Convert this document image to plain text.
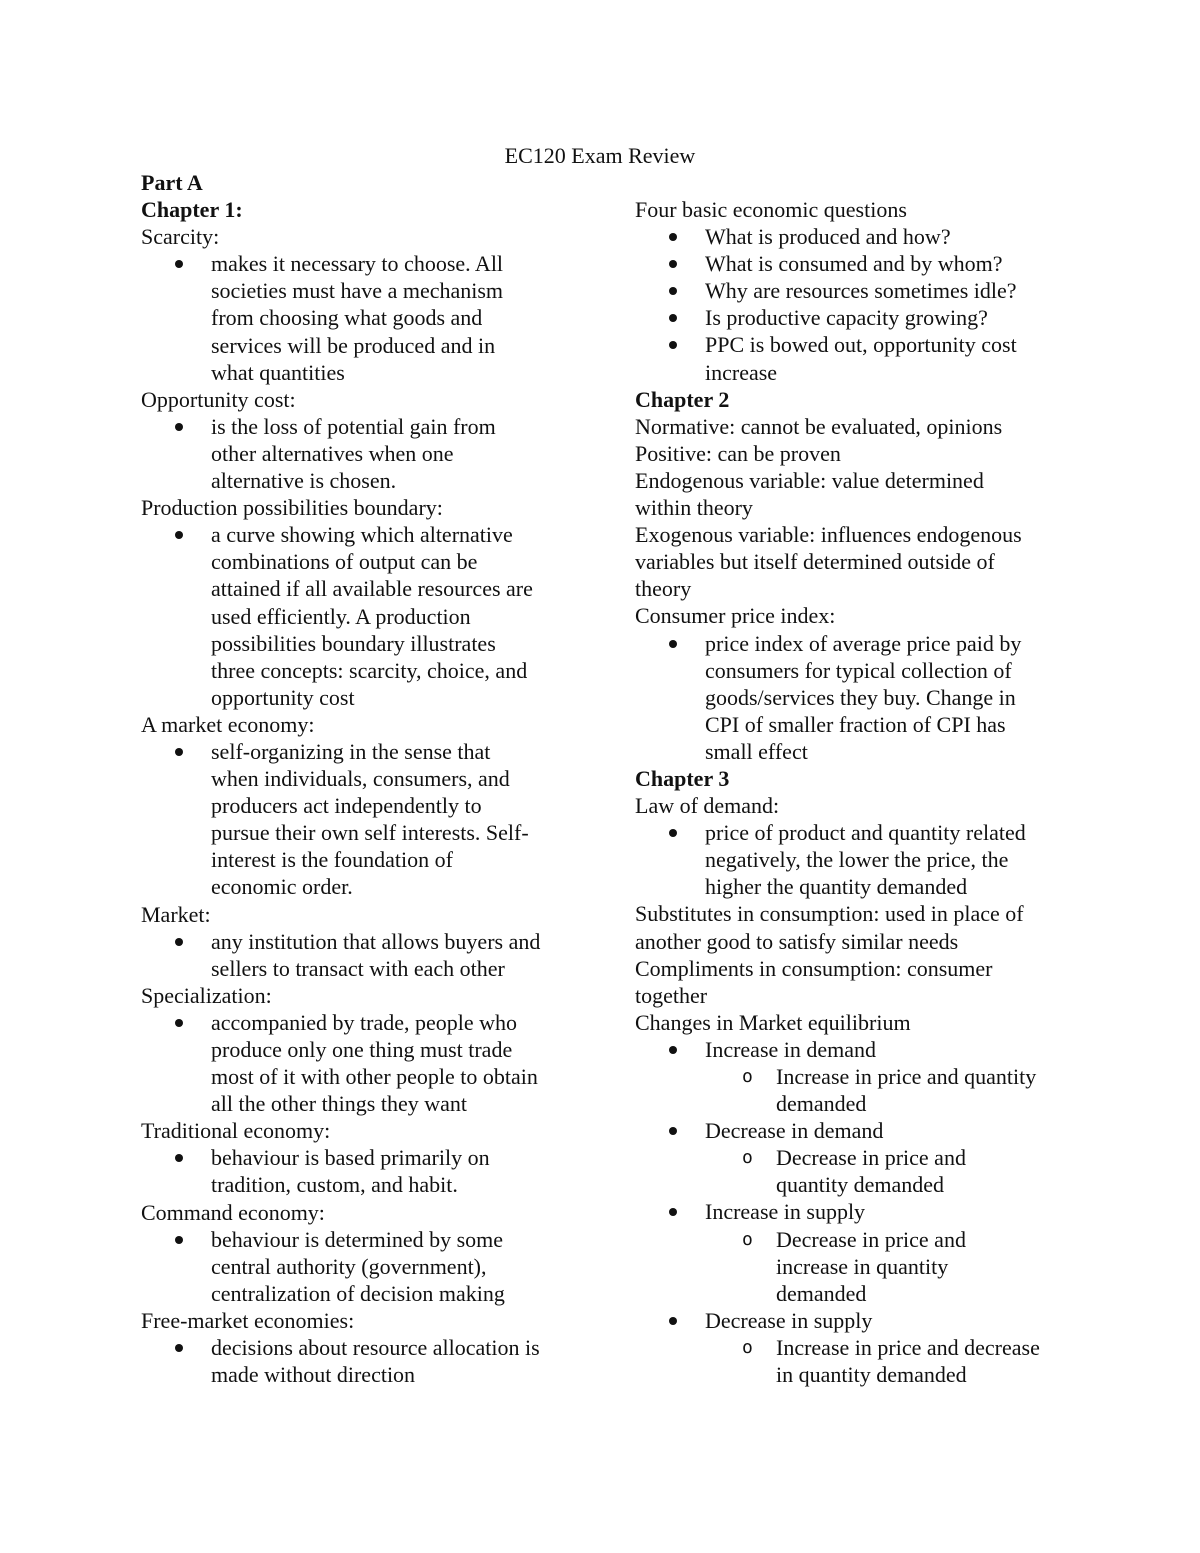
EC120 Exam Review
Part A
Chapter 1:
Scarcity:
makes it necessary to choose. All
societies must have a mechanism
from choosing what goods and
services will be produced and in
what quantities
Opportunity cost:
is the loss of potential gain from
other alternatives when one
alternative is chosen.
Production possibilities boundary:
a curve showing which alternative
combinations of output can be
attained if all available resources are
used efficiently. A production
possibilities boundary illustrates
three concepts: scarcity, choice, and
opportunity cost
A market economy:
self-organizing in the sense that
when individuals, consumers, and
producers act independently to
pursue their own self interests. Self-
interest is the foundation of
economic order.
Market:
any institution that allows buyers and
sellers to transact with each other
Specialization:
accompanied by trade, people who
produce only one thing must trade
most of it with other people to obtain
all the other things they want
Traditional economy:
behaviour is based primarily on
tradition, custom, and habit.
Command economy:
behaviour is determined by some
central authority (government),
centralization of decision making
Free-market economies:
decisions about resource allocation is
made without direction
Four basic economic questions
What is produced and how?
What is consumed and by whom?
Why are resources sometimes idle?
Is productive capacity growing?
PPC is bowed out, opportunity cost
increase
Chapter 2
Normative: cannot be evaluated, opinions
Positive: can be proven
Endogenous variable: value determined
within theory
Exogenous variable: influences endogenous
variables but itself determined outside of
theory
Consumer price index:
price index of average price paid by
consumers for typical collection of
goods/services they buy. Change in
CPI of smaller fraction of CPI has
small effect
Chapter 3
Law of demand:
price of product and quantity related
negatively, the lower the price, the
higher the quantity demanded
Substitutes in consumption: used in place of
another good to satisfy similar needs
Compliments in consumption: consumer
together
Changes in Market equilibrium
Increase in demand
o Increase in price and quantity
demanded
Decrease in demand
o Decrease in price and
quantity demanded
Increase in supply
o Decrease in price and
increase in quantity
demanded
Decrease in supply
o Increase in price and decrease
in quantity demanded
